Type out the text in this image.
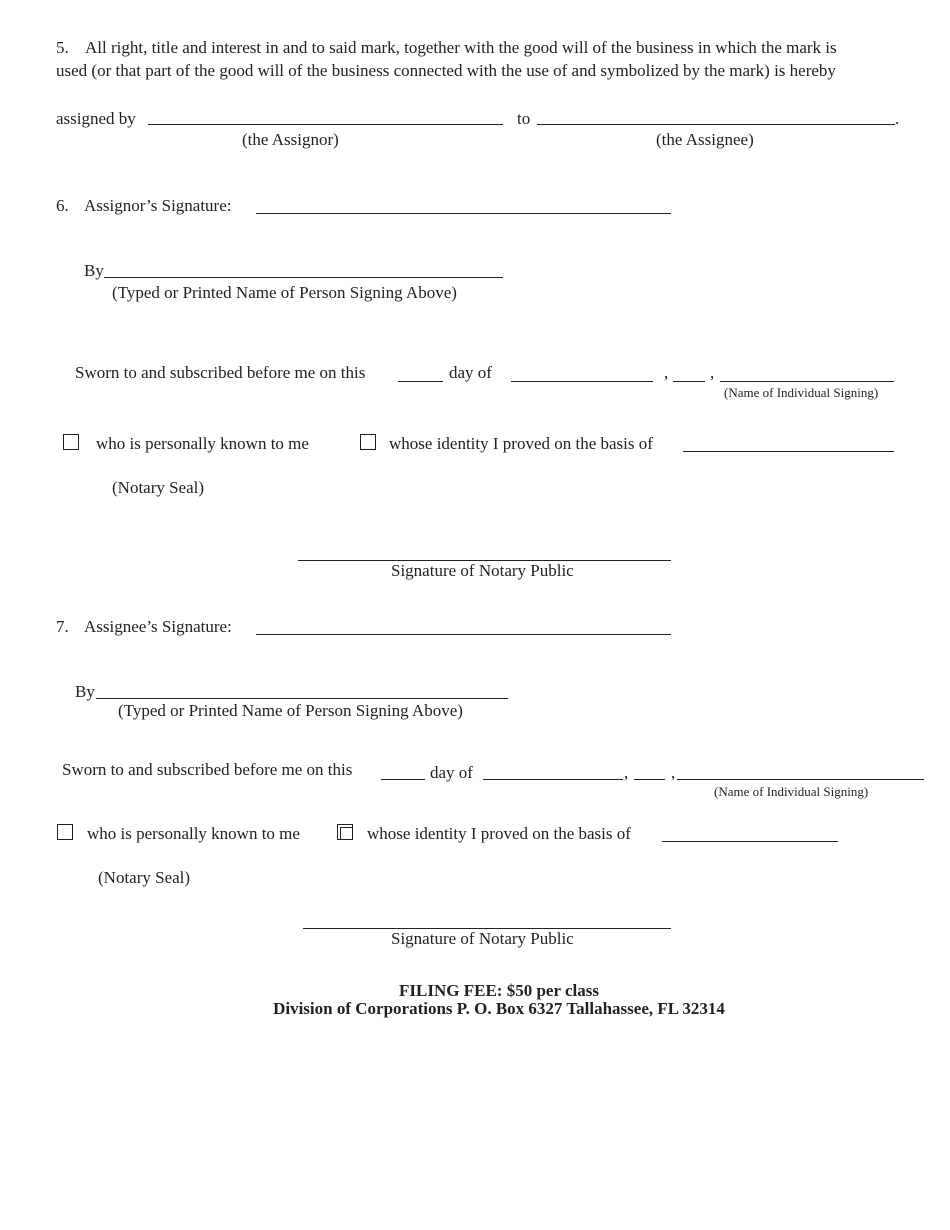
5. All right, title and interest in and to said mark, together with the good will of the business in which the mark is
used (or that part of the good will of the business connected with the use of and symbolized by the mark) is hereby
assigned by	to	.
(the Assignor)	(the Assignee)
6. Assignor’s Signature:
By
(Typed or Printed Name of Person Signing Above)
Sworn to and subscribed before me on this	day of	, ,
(Name of Individual Signing)
who is personally known to me	whose identity I proved on the basis of
(Notary Seal)
Signature of Notary Public
7. Assignee’s Signature:
By
(Typed or Printed Name of Person Signing Above)
Sworn to and subscribed before me on this	day of	,	,
(Name of Individual Signing)
who is personally known to me	whose identity I proved on the basis of
(Notary Seal)
Signature of Notary Public
FILING FEE: $50 per class
Division of Corporations P. O. Box 6327 Tallahassee, FL 32314
